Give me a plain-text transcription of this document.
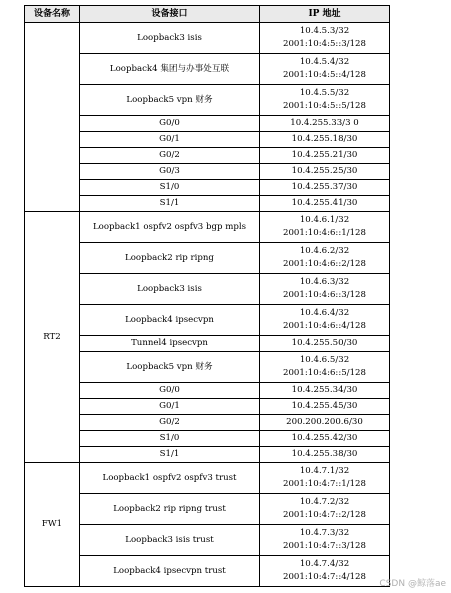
设备名称	设备接口	IP 地址
	Loopback3 isis	10.4.5.3/32
2001:10:4:5::3/128

	Loopback4 集团与办事处互联	10.4.5.4/32
2001:10:4:5::4/128

	Loopback5 vpn 财务	10.4.5.5/32
2001:10:4:5::5/128

	G0/0	10.4.255.33/3 0

	G0/1	10.4.255.18/30

	G0/2	10.4.255.21/30

	G0/3	10.4.255.25/30

	S1/0	10.4.255.37/30

	S1/1	10.4.255.41/30

RT2	Loopback1 ospfv2 ospfv3 bgp mpls	10.4.6.1/32
2001:10:4:6::1/128

	Loopback2 rip ripng	10.4.6.2/32
2001:10:4:6::2/128

	Loopback3 isis	10.4.6.3/32
2001:10:4:6::3/128

	Loopback4 ipsecvpn	10.4.6.4/32
2001:10:4:6::4/128

	Tunnel4 ipsecvpn	10.4.255.50/30

	Loopback5 vpn 财务	10.4.6.5/32
2001:10:4:6::5/128

	G0/0	10.4.255.34/30

	G0/1	10.4.255.45/30

	G0/2	200.200.200.6/30

	S1/0	10.4.255.42/30

	S1/1	10.4.255.38/30

FW1	Loopback1 ospfv2 ospfv3 trust	10.4.7.1/32
2001:10:4:7::1/128

	Loopback2 rip ripng trust	10.4.7.2/32
2001:10:4:7::2/128

	Loopback3 isis trust	10.4.7.3/32
2001:10:4:7::3/128

	Loopback4 ipsecvpn trust	10.4.7.4/32
2001:10:4:7::4/128
CSDN @鲸落ae
